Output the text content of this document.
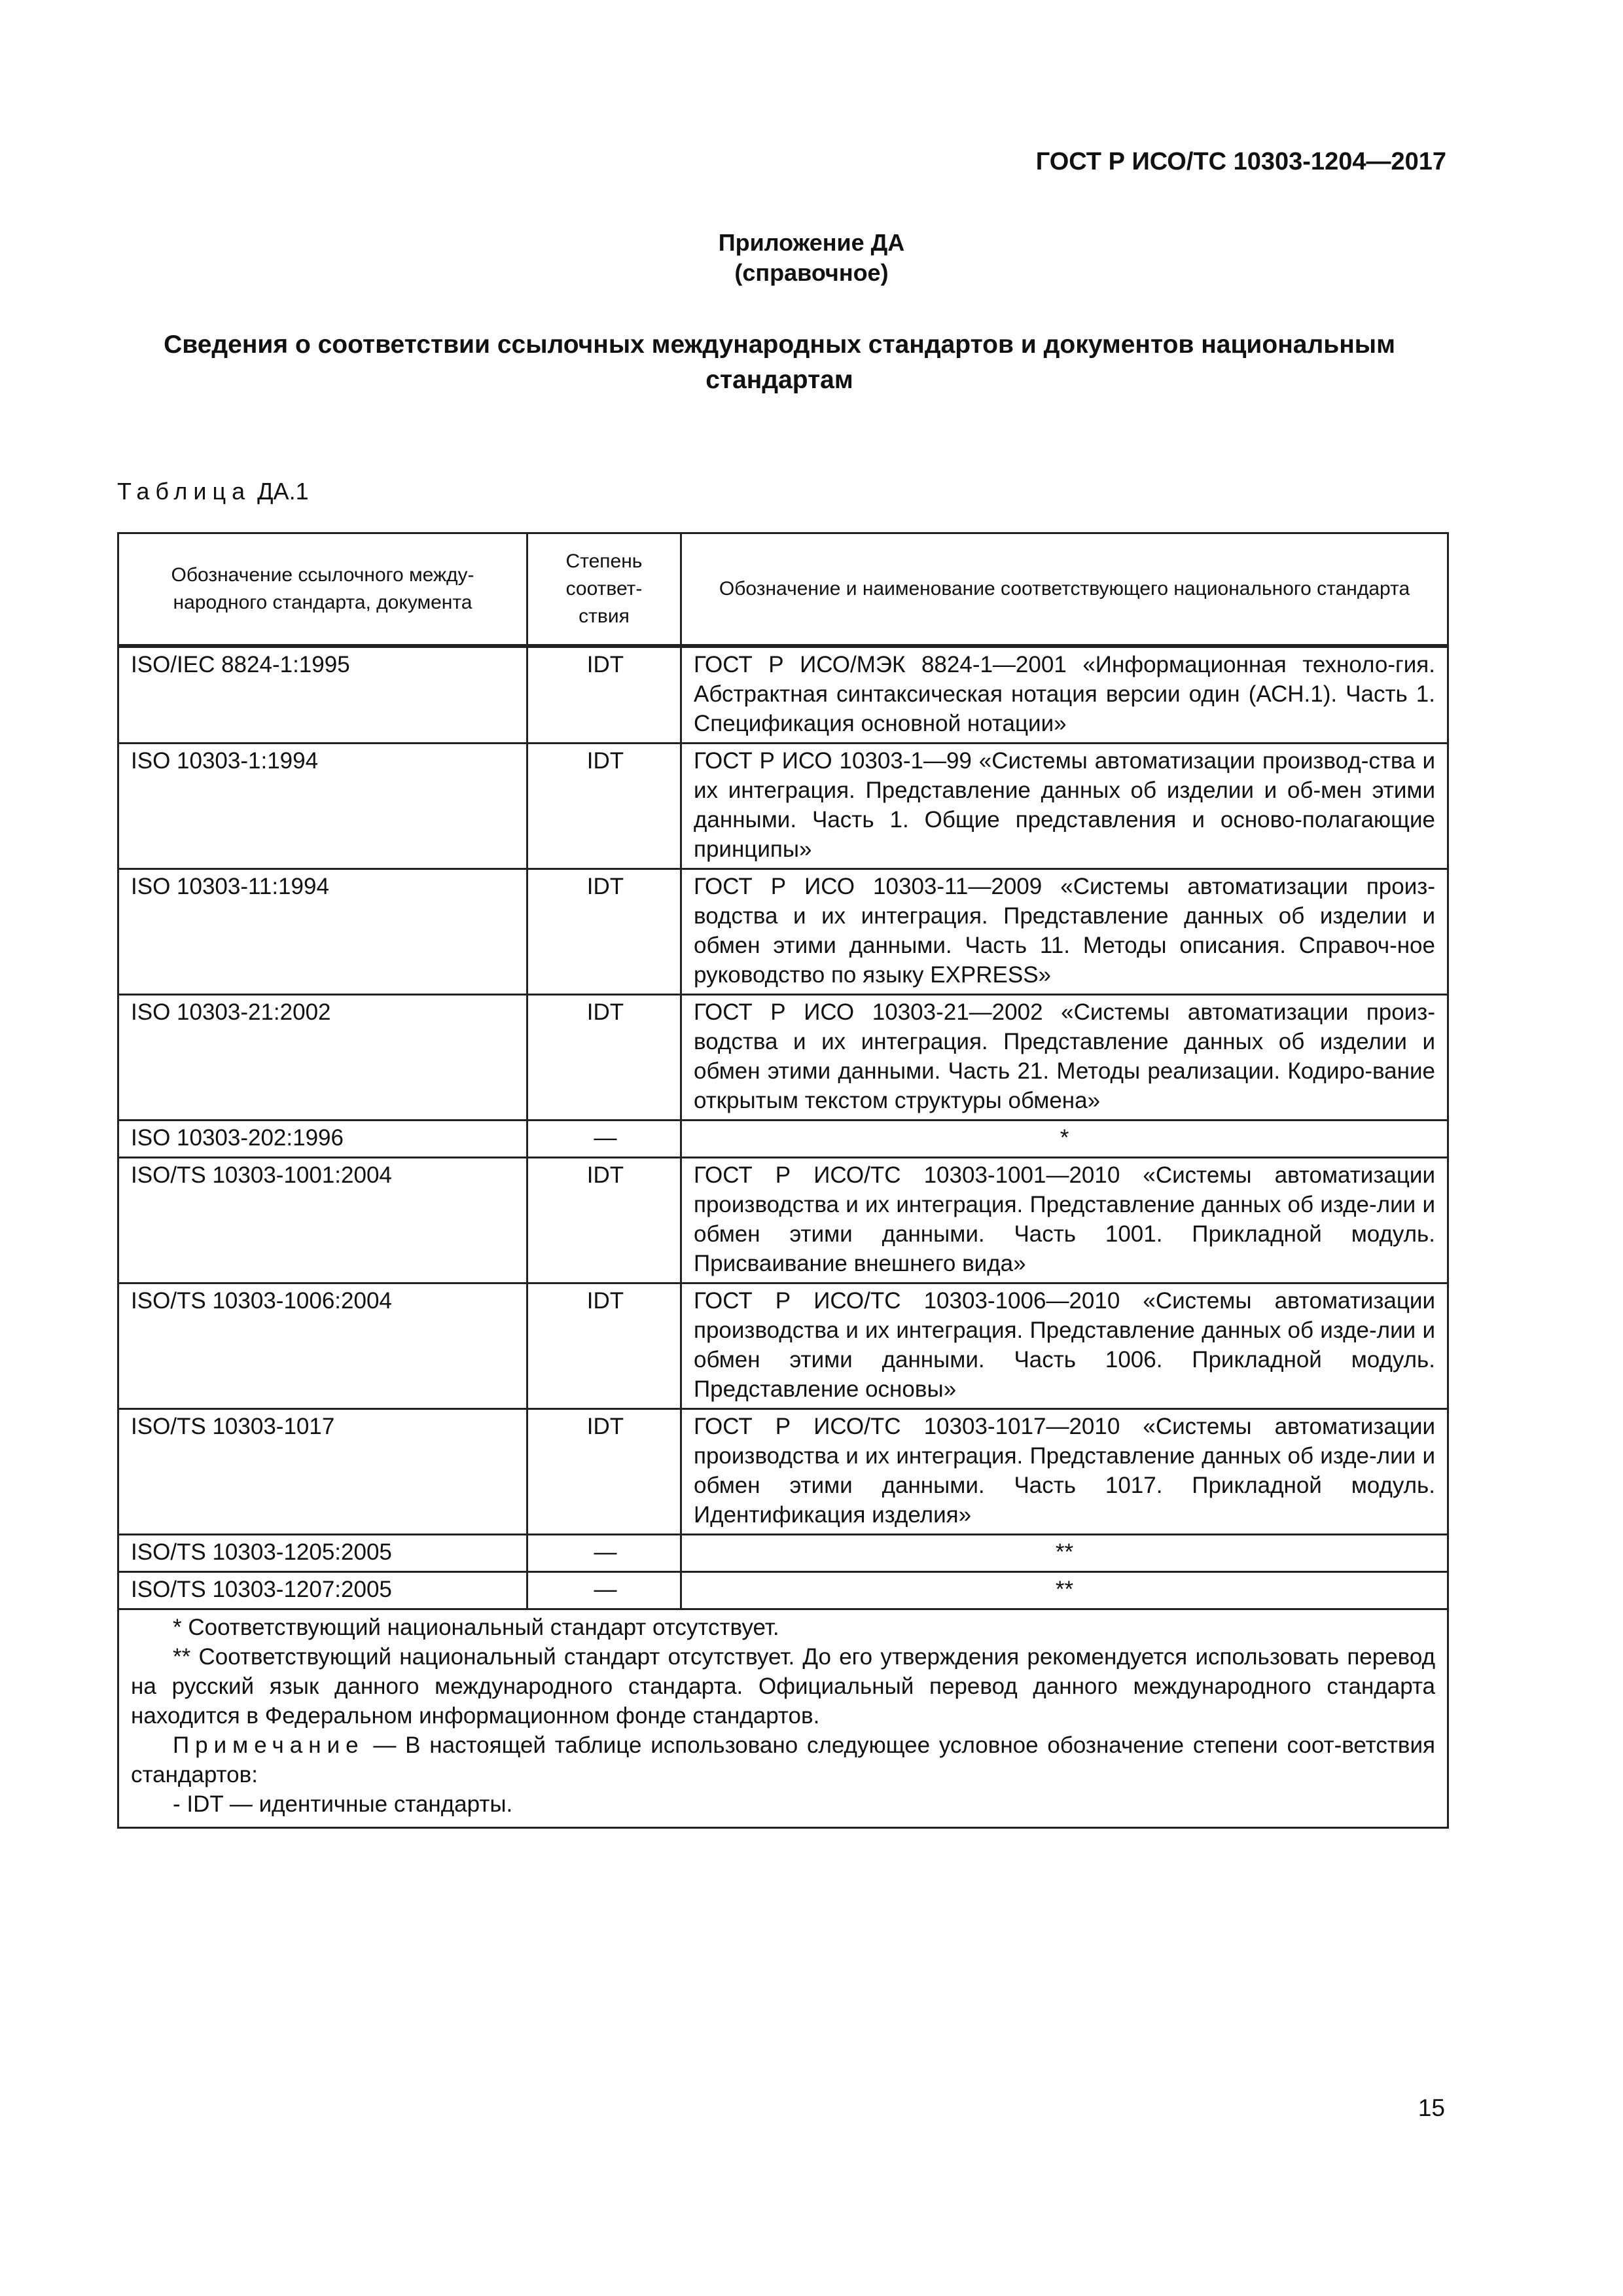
ГОСТ Р ИСО/ТС 10303-1204—2017
Приложение ДА
(справочное)
Сведения о соответствии ссылочных международных стандартов и документов национальным
стандартам
Таблица ДА.1
Обозначение ссылочного между-народного стандарта, документа	Степень соответ-ствия	Обозначение и наименование соответствующего национального стандарта
ISO/IEC 8824-1:1995	IDT	ГОСТ Р ИСО/МЭК 8824-1—2001 «Информационная техноло-гия. Абстрактная синтаксическая нотация версии один (АСН.1). Часть 1. Спецификация основной нотации»
ISO 10303-1:1994	IDT	ГОСТ Р ИСО 10303-1—99 «Системы автоматизации производ-ства и их интеграция. Представление данных об изделии и об-мен этими данными. Часть 1. Общие представления и осново-полагающие принципы»
ISO 10303-11:1994	IDT	ГОСТ Р ИСО 10303-11—2009 «Системы автоматизации произ-водства и их интеграция. Представление данных об изделии и обмен этими данными. Часть 11. Методы описания. Справоч-ное руководство по языку EXPRESS»
ISO 10303-21:2002	IDT	ГОСТ Р ИСО 10303-21—2002 «Системы автоматизации произ-водства и их интеграция. Представление данных об изделии и обмен этими данными. Часть 21. Методы реализации. Кодиро-вание открытым текстом структуры обмена»
ISO 10303-202:1996	—	*
ISO/TS 10303-1001:2004	IDT	ГОСТ Р ИСО/ТС 10303-1001—2010 «Системы автоматизации производства и их интеграция. Представление данных об изде-лии и обмен этими данными. Часть 1001. Прикладной модуль. Присваивание внешнего вида»
ISO/TS 10303-1006:2004	IDT	ГОСТ Р ИСО/ТС 10303-1006—2010 «Системы автоматизации производства и их интеграция. Представление данных об изде-лии и обмен этими данными. Часть 1006. Прикладной модуль. Представление основы»
ISO/TS 10303-1017	IDT	ГОСТ Р ИСО/ТС 10303-1017—2010 «Системы автоматизации производства и их интеграция. Представление данных об изде-лии и обмен этими данными. Часть 1017. Прикладной модуль. Идентификация изделия»
ISO/TS 10303-1205:2005	—	**
ISO/TS 10303-1207:2005	—	**

* Соответствующий национальный стандарт отсутствует.

** Соответствующий национальный стандарт отсутствует. До его утверждения рекомендуется использовать перевод на русский язык данного международного стандарта. Официальный перевод данного международного стандарта находится в Федеральном информационном фонде стандартов.

Примечание — В настоящей таблице использовано следующее условное обозначение степени соот-ветствия стандартов:

- IDT — идентичные стандарты.		

15
